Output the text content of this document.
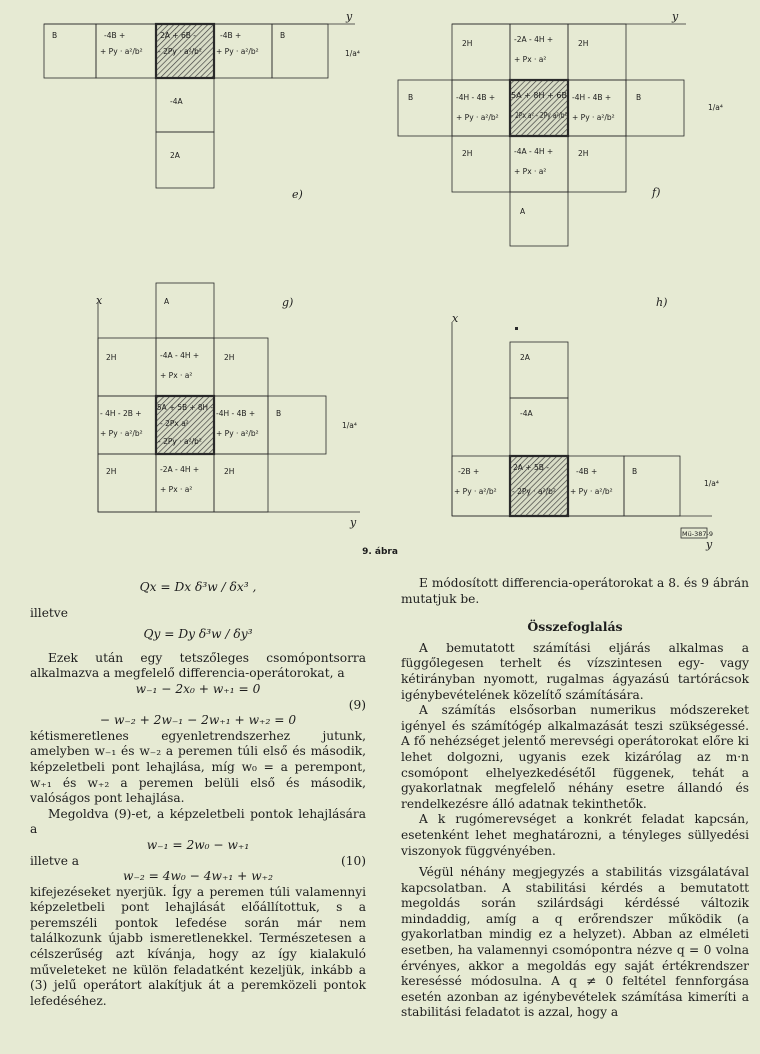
y
B	-4B +
+ Py · a²/b²
2A + 6B -
- 2Py · a²/b²
-4B +
+ Py · a²/b²
B
-4A
2A
1/a⁴
e)
y
2H	-2A - 4H +
+ Px · a²
2H
B	-4H - 4B +
+ Py · a²/b²
5A + 8H + 6B
- 2Px a² - 2Py a²/b²
-4H - 4B +
+ Py · a²/b²
B
2H	-4A - 4H +
+ Px · a²
2H
A
1/a⁴
f)
x
y
A
2H	-4A - 4H +
+ Px · a²
2H
- 4H - 2B +
+ Py · a²/b²
5A + 5B + 8H -
- 2Px a²
- 2Py · a²/b²
-4H - 4B +
+ Py · a²/b²
B
2H	-2A - 4H +
+ Px · a²
2H
1/a⁴
g)
x
y
2A
-4A
-2B +
+ Py · a²/b²
2A + 5B -
- 2Py · a²/b²
-4B +
+ Py · a²/b²
B
1/a⁴
h)
Mü-387-9
9. ábra
Qx = Dx δ³w / δx³ ,
illetve
Qy = Dy δ³w / δy³

Ezek után egy tetszőleges csomópontsorra alkalmazva a megfelelő differencia-operátorokat, a

w₋₁ − 2x₀ + w₊₁ = 0
(9)
− w₋₂ + 2w₋₁ − 2w₊₁ + w₊₂ = 0

kétismeretlenes egyenletrendszerhez jutunk, amelyben w₋₁ és w₋₂ a peremen túli első és második, képzeletbeli pont lehajlása, míg w₀ = a perempont, w₊₁ és w₊₂ a peremen belüli első és második, valóságos pont lehajlása.

Megoldva (9)-et, a képzeletbeli pontok lehajlására a

w₋₁ = 2w₀ − w₊₁
illetve a	(10)
w₋₂ = 4w₀ − 4w₊₁ + w₊₂

kifejezéseket nyerjük. Így a peremen túli valamennyi képzeletbeli pont lehajlását előállítottuk, s a peremszéli pontok lefedése során már nem találkozunk újabb ismeretlenekkel. Természetesen a célszerűség azt kívánja, hogy az így kialakuló műveleteket ne külön feladatként kezeljük, inkább a (3) jelű operátort alakítjuk át a peremközeli pontok lefedéséhez.

E módosított differencia-operátorokat a 8. és 9 ábrán mutatjuk be.

Összefoglalás

A bemutatott számítási eljárás alkalmas a függőlegesen terhelt és vízszintesen egy- vagy kétirányban nyomott, rugalmas ágyazású tartórácsok igénybevételének közelítő számítására.

A számítás elsősorban numerikus módszereket igényel és számítógép alkalmazását teszi szükségessé. A fő nehézséget jelentő merevségi operátorokat előre ki lehet dolgozni, ugyanis ezek kizárólag az m·n csomópont elhelyezkedésétől függenek, tehát a gyakorlatnak megfelelő néhány esetre állandó és rendelkezésre álló adatnak tekinthetők.

A k rugómerevséget a konkrét feladat kapcsán, esetenként lehet meghatározni, a tényleges süllyedési viszonyok függvényében.

Végül néhány megjegyzés a stabilitás vizsgálatával kapcsolatban. A stabilitási kérdés a bemutatott megoldás során szilárdsági kérdéssé változik mindaddig, amíg a q erőrendszer működik (a gyakorlatban mindig ez a helyzet). Abban az elméleti esetben, ha valamennyi csomópontra nézve q = 0 volna érvényes, akkor a megoldás egy saját értékrendszer kereséssé módosulna. A q ≠ 0 feltétel fennforgása esetén azonban az igénybevételek számítása kimeríti a stabilitási feladatot is azzal, hogy a
